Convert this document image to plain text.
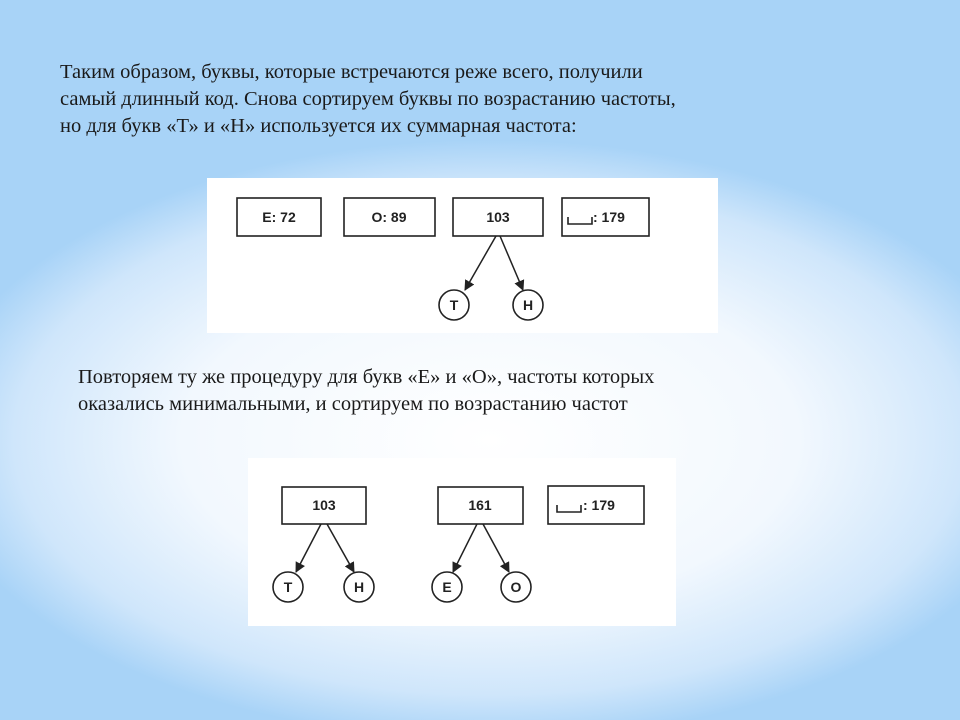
Таким образом, буквы, которые встречаются реже всего, получили
самый длинный код. Снова сортируем буквы по возрастанию частоты,
но для букв «Т» и «Н» используется их суммарная частота:

Е: 72	О: 89	103	: 179
Т	Н

Повторяем ту же процедуру для букв «Е» и «О», частоты которых
оказались минимальными, и сортируем по возрастанию частот

103	161	: 179
Т	Н	Е	О
